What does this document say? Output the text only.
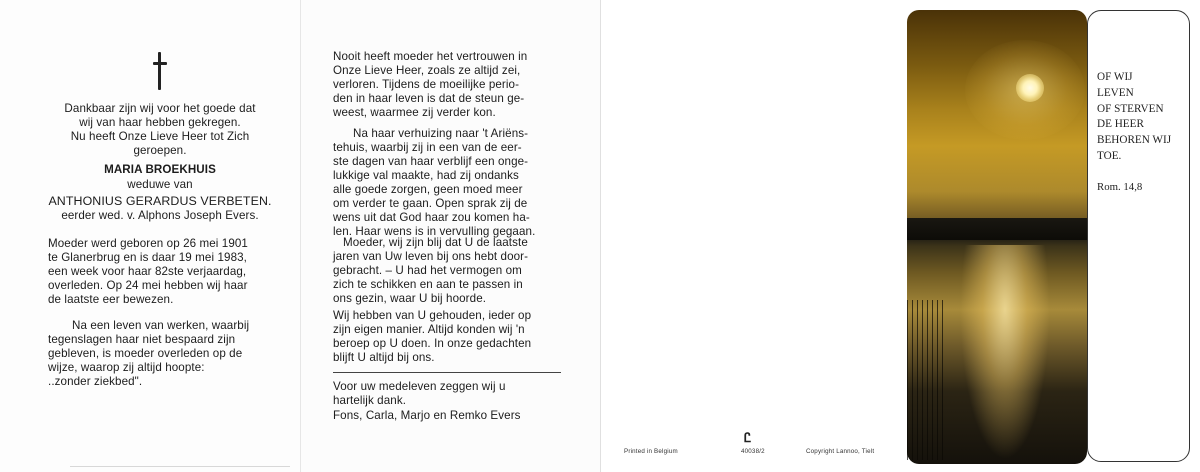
Dankbaar zijn wij voor het goede dat
wij van haar hebben gekregen.
Nu heeft Onze Lieve Heer tot Zich
geroepen.
MARIA BROEKHUIS
weduwe van
ANTHONIUS GERARDUS VERBETEN.
eerder wed. v. Alphons Joseph Evers.
Moeder werd geboren op 26 mei 1901
te Glanerbrug en is daar 19 mei 1983,
een week voor haar 82ste verjaardag,
overleden. Op 24 mei hebben wij haar
de laatste eer bewezen.
Na een leven van werken, waarbij
tegenslagen haar niet bespaard zijn
gebleven, is moeder overleden op de
wijze, waarop zij altijd hoopte:
..zonder ziekbed".
Nooit heeft moeder het vertrouwen in
Onze Lieve Heer, zoals ze altijd zei,
verloren. Tijdens de moeilijke perio-
den in haar leven is dat de steun ge-
weest, waarmee zij verder kon.
Na haar verhuizing naar 't Ariëns-
tehuis, waarbij zij in een van de eer-
ste dagen van haar verblijf een onge-
lukkige val maakte, had zij ondanks
alle goede zorgen, geen moed meer
om verder te gaan. Open sprak zij de
wens uit dat God haar zou komen ha-
len. Haar wens is in vervulling gegaan.
Moeder, wij zijn blij dat U de laatste
jaren van Uw leven bij ons hebt door-
gebracht. – U had het vermogen om
zich te schikken en aan te passen in
ons gezin, waar U bij hoorde.
Wij hebben van U gehouden, ieder op
zijn eigen manier. Altijd konden wij 'n
beroep op U doen. In onze gedachten
blijft U altijd bij ons.
Voor uw medeleven zeggen wij u
hartelijk dank.
Fons, Carla, Marjo en Remko Evers
Printed in Belgium
Ꮭ
40038/2	Copyright Lannoo, Tielt
OF WIJ
LEVEN
OF STERVEN
DE HEER
BEHOREN WIJ
TOE.
Rom. 14,8
